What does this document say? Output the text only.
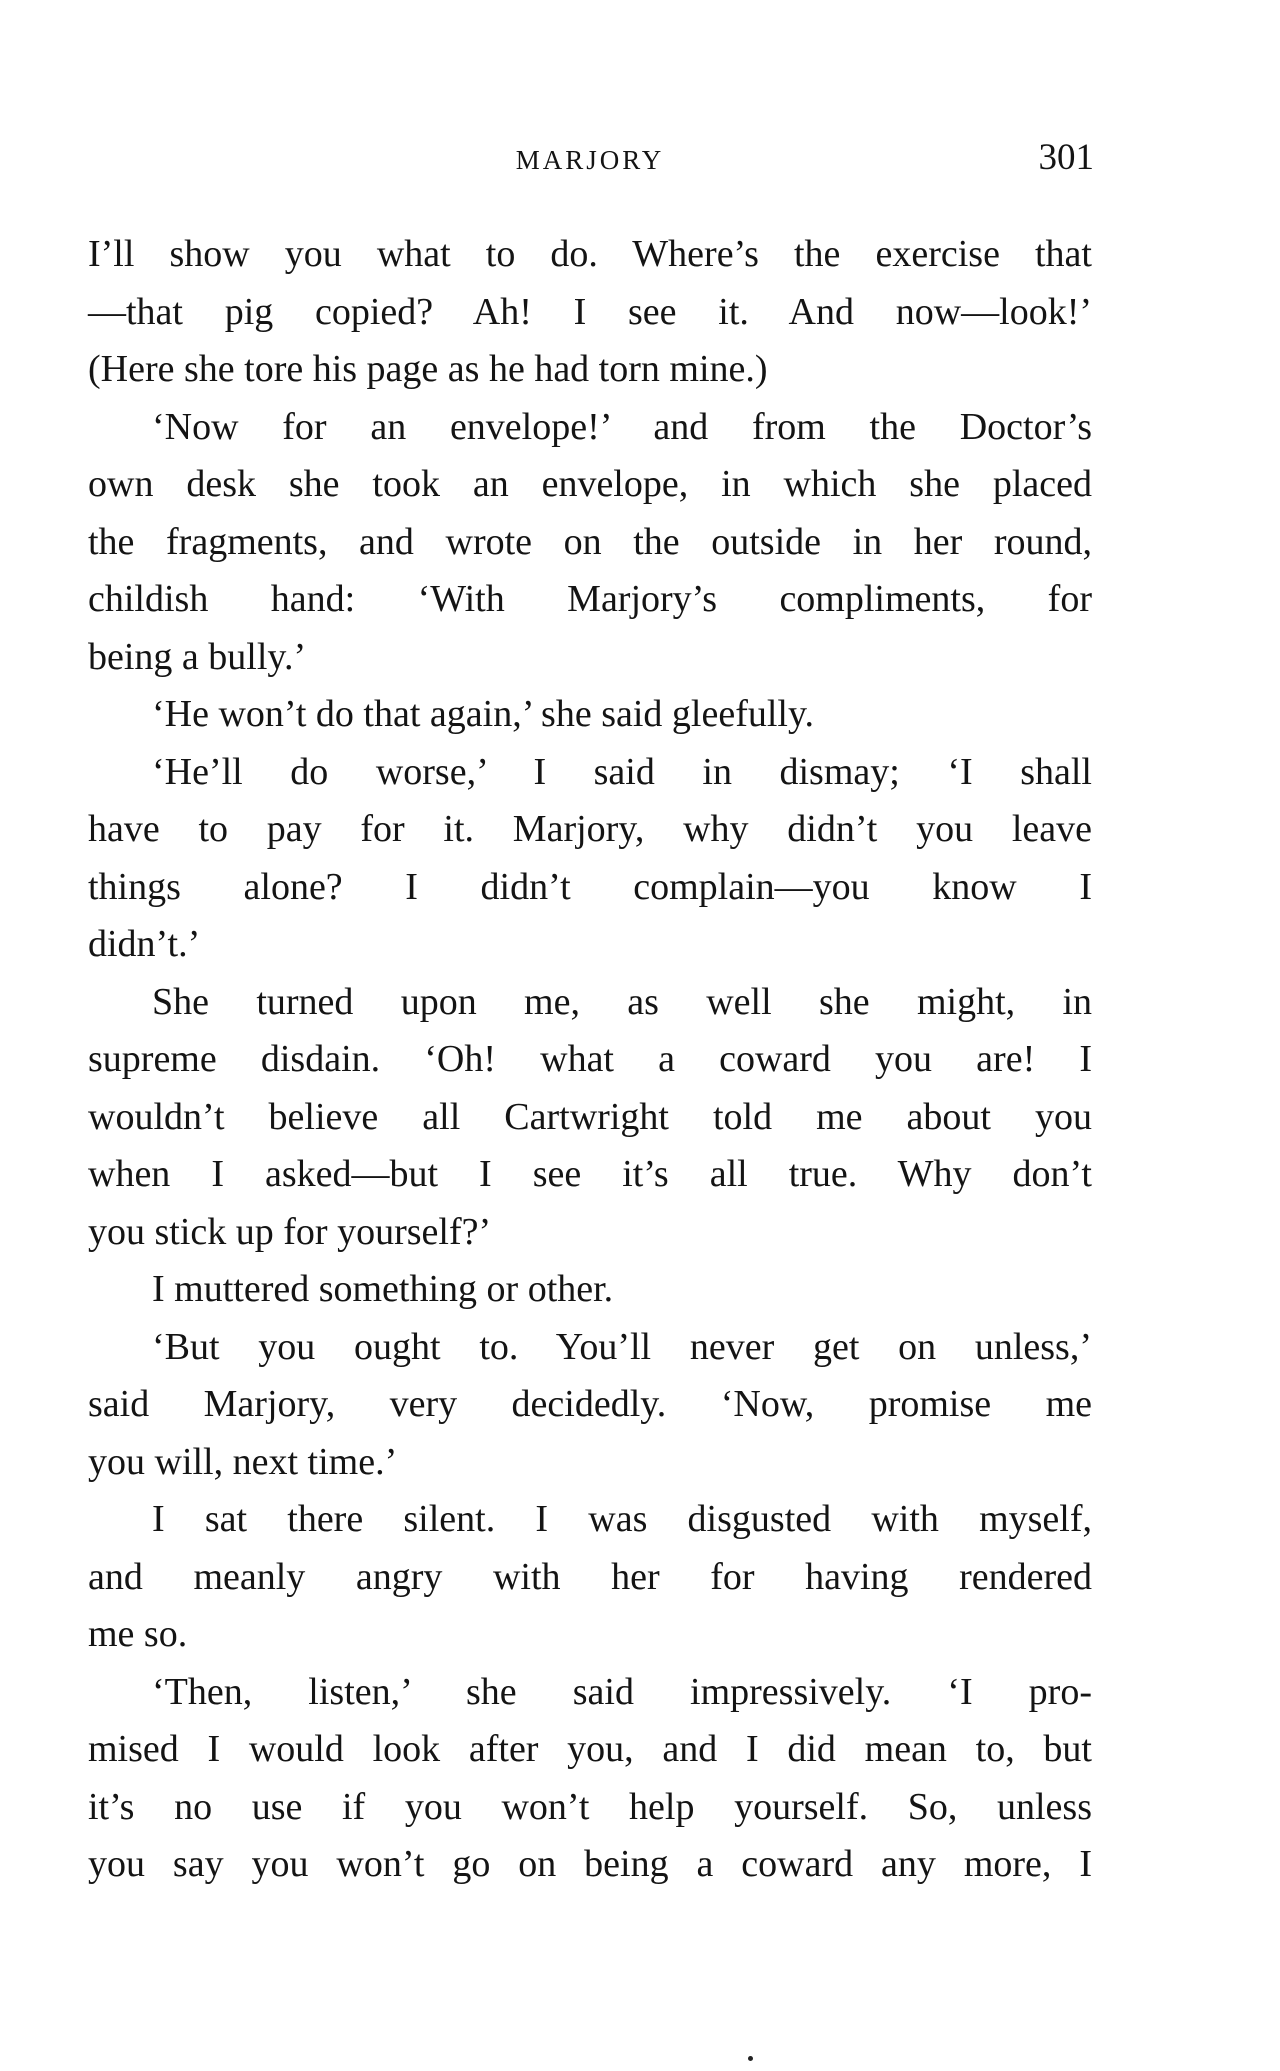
MARJORY	301
I’ll show you what to do. Where’s the exercise that
—that pig copied? Ah! I see it. And now—look!’
(Here she tore his page as he had torn mine.)
‘Now for an envelope!’ and from the Doctor’s
own desk she took an envelope, in which she placed
the fragments, and wrote on the outside in her round,
childish hand: ‘With Marjory’s compliments, for
being a bully.’
‘He won’t do that again,’ she said gleefully.
‘He’ll do worse,’ I said in dismay; ‘I shall
have to pay for it. Marjory, why didn’t you leave
things alone? I didn’t complain—you know I
didn’t.’
She turned upon me, as well she might, in
supreme disdain. ‘Oh! what a coward you are! I
wouldn’t believe all Cartwright told me about you
when I asked—but I see it’s all true. Why don’t
you stick up for yourself?’
I muttered something or other.
‘But you ought to. You’ll never get on unless,’
said Marjory, very decidedly. ‘Now, promise me
you will, next time.’
I sat there silent. I was disgusted with myself,
and meanly angry with her for having rendered
me so.
‘Then, listen,’ she said impressively. ‘I pro-
mised I would look after you, and I did mean to, but
it’s no use if you won’t help yourself. So, unless
you say you won’t go on being a coward any more, I
